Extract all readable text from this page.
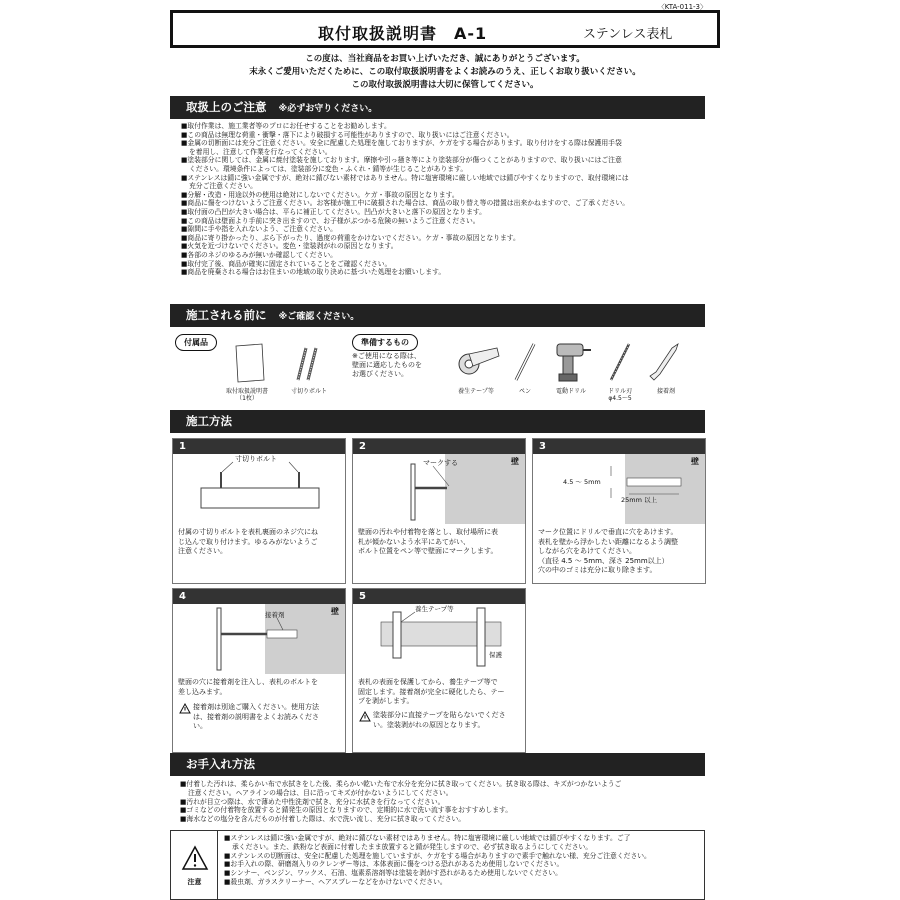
〈KTA-011-3〉
取付取扱説明書　A-1	ステンレス表札
この度は、当社商品をお買い上げいただき、誠にありがとうございます。
末永くご愛用いただくために、この取付取扱説明書をよくお読みのうえ、正しくお取り扱いください。
この取付取扱説明書は大切に保管してください。
取扱上のご注意 ※必ずお守りください。
■取付作業は、施工業者等のプロにお任せすることをお勧めします。
■この商品は無理な荷重・衝撃・落下により破損する可能性がありますので、取り扱いにはご注意ください。
■金属の切断面には充分ご注意ください。安全に配慮した処理を施しておりますが、ケガをする場合があります。取り付けをする際は保護用手袋
を着用し、注意して作業を行なってください。
■塗装部分に関しては、金属に焼付塗装を施しております。摩擦や引っ掻き等により塗装部分が傷つくことがありますので、取り扱いにはご注意
ください。環境条件によっては、塗装部分に変色・ふくれ・錆等が生じることがあります。
■ステンレスは錆に強い金属ですが、絶対に錆びない素材ではありません。特に塩害環境に厳しい地域では錆びやすくなりますので、取付環境には
充分ご注意ください。
■分解・改造・用途以外の使用は絶対にしないでください。ケガ・事故の原因となります。
■商品に傷をつけないようご注意ください。お客様が施工中に破損された場合は、商品の取り替え等の措置は出来かねますので、ご了承ください。
■取付面の凸凹が大きい場合は、平らに補正してください。凹凸が大きいと落下の原因となります。
■この商品は壁面より手前に突き出ますので、お子様がぶつかる危険の無いようご注意ください。
■隙間に手や指を入れないよう、ご注意ください。
■商品に寄り掛かったり、ぶら下がったり、過度の荷重をかけないでください。ケガ・事故の原因となります。
■火気を近づけないでください。変色・塗装剥がれの原因となります。
■各部のネジのゆるみが無いか確認してください。
■取付完了後、商品が確実に固定されていることをご確認ください。
■商品を廃棄される場合はお住まいの地域の取り決めに基づいた処理をお願いします。
施工される前に ※ご確認ください。
付属品	準備するもの
取付取扱説明書
（1枚）
寸切りボルト
※ご使用になる際は、
壁面に適応したものを
お選びください。
養生テープ等	ペン	電動ドリル	ドリル刃
φ4.5〜5
接着剤
施工方法
1
寸切りボルト
付属の寸切りボルトを表札裏面のネジ穴にね
じ込んで取り付けます。ゆるみがないようご
注意ください。
2
壁
マークする
壁面の汚れや付着物を落とし、取付場所に表
札が傾かないよう水平にあてがい、
ボルト位置をペン等で壁面にマークします。
3
壁
4.5 〜 5mm
25mm 以上
マーク位置にドリルで垂直に穴をあけます。
表札を壁から浮かしたい距離になるよう調整
しながら穴をあけてください。
（直径 4.5 〜 5mm、深さ 25mm以上）
穴の中のゴミは充分に取り除きます。
4
壁
接着剤
壁面の穴に接着剤を注入し、表札のボルトを
差し込みます。
接着剤は別途ご購入ください。使用方法
は、接着剤の説明書をよくお読みくださ
い。
5
養生テープ等
保護
表札の表面を保護してから、養生テープ等で
固定します。接着剤が完全に硬化したら、テー
プを剥がします。
塗装部分に直接テープを貼らないでくださ
い。塗装剥がれの原因となります。
お手入れ方法
■付着した汚れは、柔らかい布で水拭きをした後、柔らかい乾いた布で水分を充分に拭き取ってください。拭き取る際は、キズがつかないようご
注意ください。ヘアラインの場合は、目に沿ってキズが付かないようにしてください。
■汚れが目立つ際は、水で薄めた中性洗剤で拭き、充分に水拭きを行なってください。
■ゴミなどの付着物を放置すると錆発生の原因となりますので、定期的に水で洗い流す事をおすすめします。
■海水などの塩分を含んだものが付着した際は、水で洗い流し、充分に拭き取ってください。
注意
■ステンレスは錆に強い金属ですが、絶対に錆びない素材ではありません。特に塩害環境に厳しい地域では錆びやすくなります。ご了
承ください。また、鉄粉など表面に付着したまま放置すると錆が発生しますので、必ず拭き取るようにしてください。
■ステンレスの切断面は、安全に配慮した処理を施していますが、ケガをする場合がありますので素手で触れない様、充分ご注意ください。
■お手入れの際、研磨剤入りのクレンザー等は、本体表面に傷をつける恐れがあるため使用しないでください。
■シンナー、ベンジン、ワックス、石油、塩素系溶剤等は塗装を剥がす恐れがあるため使用しないでください。
■殺虫剤、ガラスクリーナー、ヘアスプレーなどをかけないでください。
